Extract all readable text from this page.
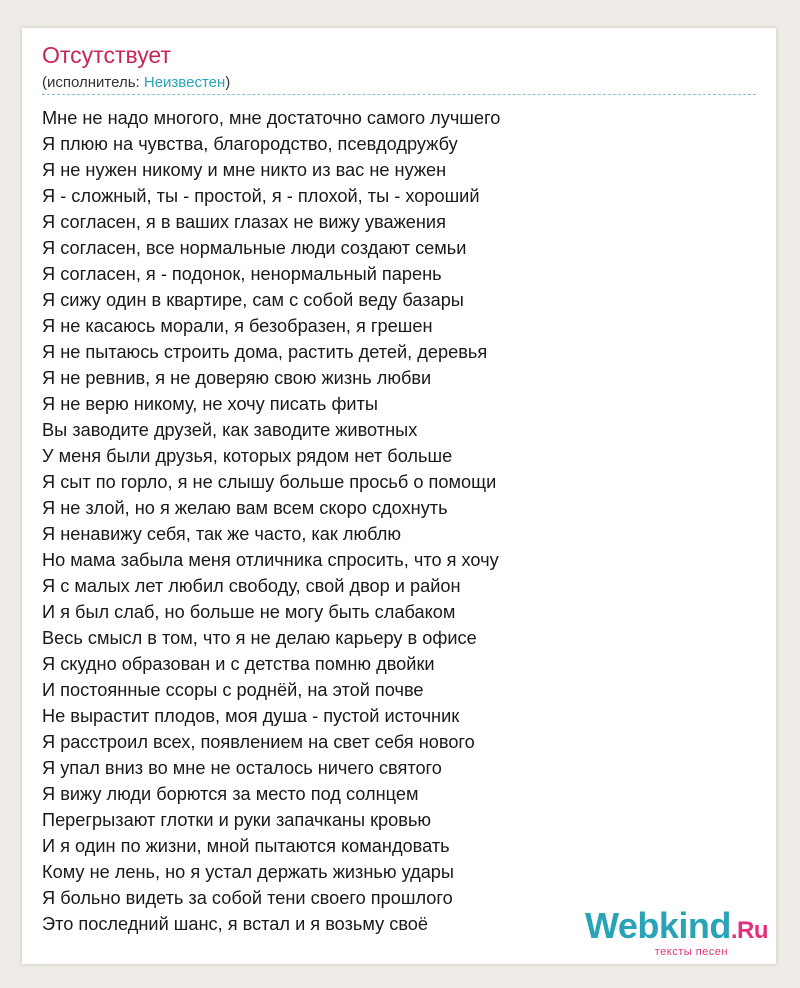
Отсутствует
(исполнитель: Неизвестен)
Мне не надо многого, мне достаточно самого лучшего
Я плюю на чувства, благородство, псевдодружбу
Я не нужен никому и мне никто из вас не нужен
Я - сложный, ты - простой, я - плохой, ты - хороший
Я согласен, я в ваших глазах не вижу уважения
Я согласен, все нормальные люди создают семьи
Я согласен, я - подонок, ненормальный парень
Я сижу один в квартире, сам с собой веду базары
Я не касаюсь морали, я безобразен, я грешен
Я не пытаюсь строить дома, растить детей, деревья
Я не ревнив, я не доверяю свою жизнь любви
Я не верю никому, не хочу писать фиты
Вы заводите друзей, как заводите животных
У меня были друзья, которых рядом нет больше
Я сыт по горло, я не слышу больше просьб о помощи
Я не злой, но я желаю вам всем скоро сдохнуть
Я ненавижу себя, так же часто, как люблю
Но мама забыла меня отличника спросить, что я хочу
Я с малых лет любил свободу, свой двор и район
И я был слаб, но больше не могу быть слабаком
Весь смысл в том, что я не делаю карьеру в офисе
Я скудно образован и с детства помню двойки
И постоянные ссоры с роднёй, на этой почве
Не вырастит плодов, моя душа - пустой источник
Я расстроил всех, появлением на свет себя нового
Я упал вниз во мне не осталось ничего святого
Я вижу люди борются за место под солнцем
Перегрызают глотки и руки запачканы кровью
И я один по жизни, мной пытаются командовать
Кому не лень, но я устал держать жизнью удары
Я больно видеть за собой тени своего прошлого
Это последний шанс, я встал и я возьму своё	Webkind.Ru
тексты песен
